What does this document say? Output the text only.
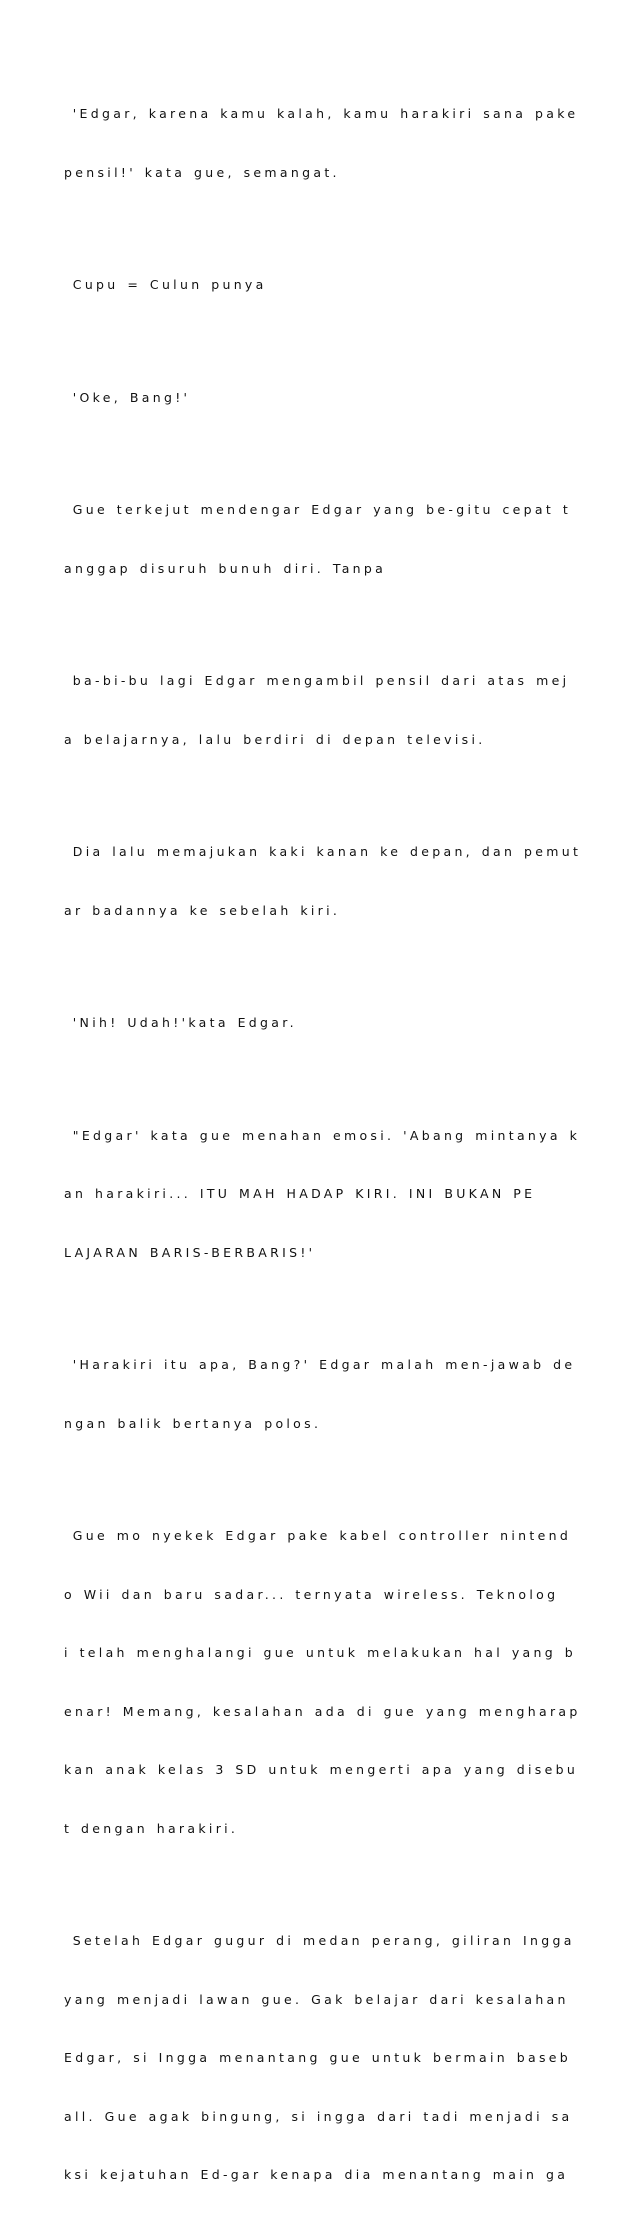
'Edgar, karena kamu kalah, kamu harakiri sana pake

pensil!' kata gue, semangat.

Cupu = Culun punya

'Oke, Bang!'

Gue terkejut mendengar Edgar yang be-gitu cepat t

anggap disuruh bunuh diri. Tanpa

ba-bi-bu lagi Edgar mengambil pensil dari atas mej

a belajarnya, lalu berdiri di depan televisi.

Dia lalu memajukan kaki kanan ke depan, dan pemut

ar badannya ke sebelah kiri.

'Nih! Udah!'kata Edgar.

"Edgar' kata gue menahan emosi. 'Abang mintanya k

an harakiri... ITU MAH HADAP KIRI. INI BUKAN PE

LAJARAN BARIS-BERBARIS!'

'Harakiri itu apa, Bang?' Edgar malah men-jawab de

ngan balik bertanya polos.

Gue mo nyekek Edgar pake kabel controller nintend

o Wii dan baru sadar... ternyata wireless. Teknolog

i telah menghalangi gue untuk melakukan hal yang b

enar! Memang, kesalahan ada di gue yang mengharap

kan anak kelas 3 SD untuk mengerti apa yang disebu

t dengan harakiri.

Setelah Edgar gugur di medan perang, giliran Ingga

yang menjadi lawan gue. Gak belajar dari kesalahan

Edgar, si Ingga menantang gue untuk bermain baseb

all. Gue agak bingung, si ingga dari tadi menjadi sa

ksi kejatuhan Ed-gar kenapa dia menantang main ga
